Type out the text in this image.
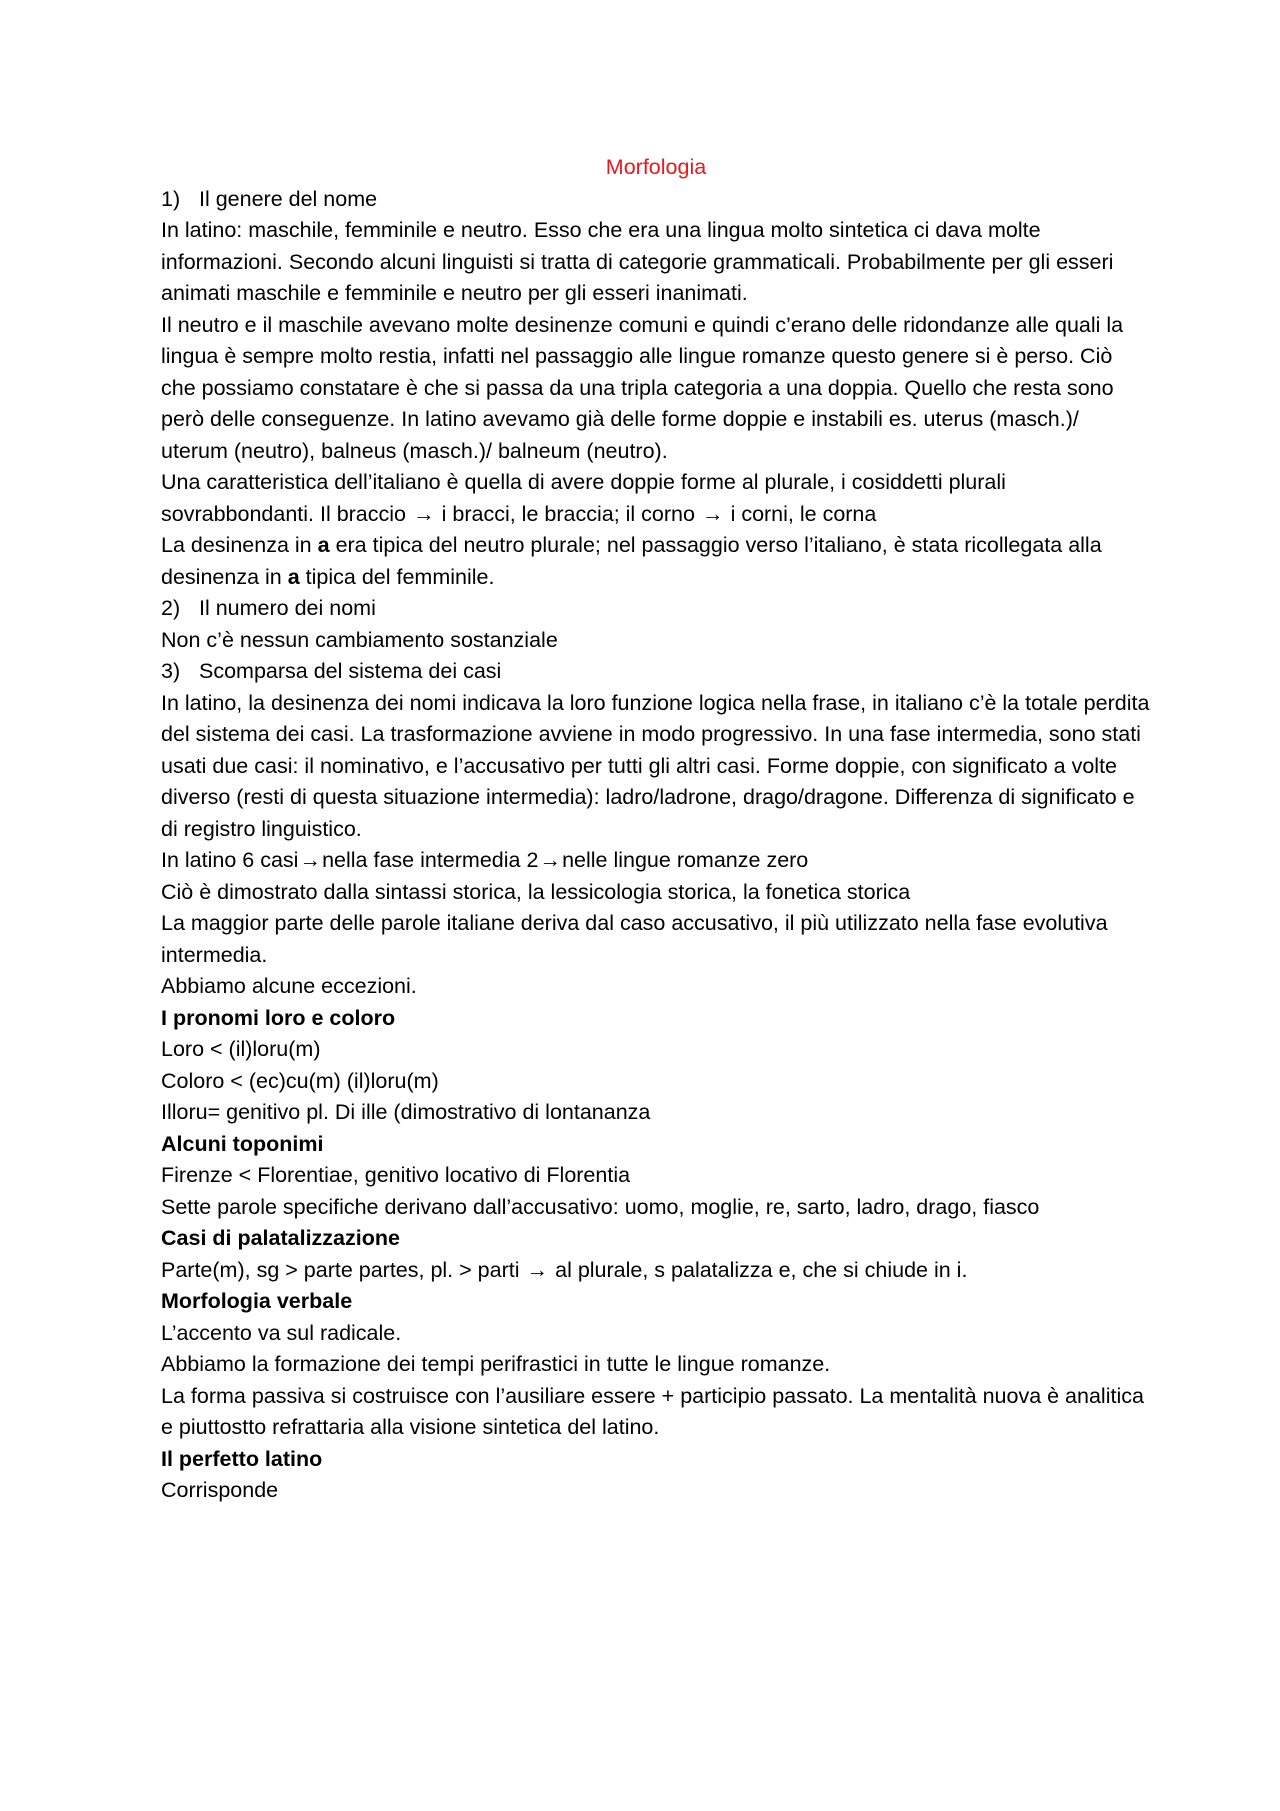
Morfologia

1) Il genere del nome

In latino: maschile, femminile e neutro. Esso che era una lingua molto sintetica ci dava molte informazioni. Secondo alcuni linguisti si tratta di categorie grammaticali. Probabilmente per gli esseri animati maschile e femminile e neutro per gli esseri inanimati.

Il neutro e il maschile avevano molte desinenze comuni e quindi c’erano delle ridondanze alle quali la lingua è sempre molto restia, infatti nel passaggio alle lingue romanze questo genere si è perso. Ciò che possiamo constatare è che si passa da una tripla categoria a una doppia. Quello che resta sono però delle conseguenze. In latino avevamo già delle forme doppie e instabili es. uterus (masch.)/ uterum (neutro), balneus (masch.)/ balneum (neutro).

Una caratteristica dell’italiano è quella di avere doppie forme al plurale, i cosiddetti plurali sovrabbondanti. Il braccio → i bracci, le braccia; il corno → i corni, le corna

La desinenza in a era tipica del neutro plurale; nel passaggio verso l’italiano, è stata ricollegata alla desinenza in a tipica del femminile.

2) Il numero dei nomi

Non c’è nessun cambiamento sostanziale

3) Scomparsa del sistema dei casi

In latino, la desinenza dei nomi indicava la loro funzione logica nella frase, in italiano c’è la totale perdita del sistema dei casi. La trasformazione avviene in modo progressivo. In una fase intermedia, sono stati usati due casi: il nominativo, e l’accusativo per tutti gli altri casi. Forme doppie, con significato a volte diverso (resti di questa situazione intermedia): ladro/ladrone, drago/dragone. Differenza di significato e di registro linguistico.

In latino 6 casi→nella fase intermedia 2→nelle lingue romanze zero

Ciò è dimostrato dalla sintassi storica, la lessicologia storica, la fonetica storica

La maggior parte delle parole italiane deriva dal caso accusativo, il più utilizzato nella fase evolutiva intermedia.

Abbiamo alcune eccezioni.

I pronomi loro e coloro

Loro < (il)loru(m)

Coloro < (ec)cu(m) (il)loru(m)

Illoru= genitivo pl. Di ille (dimostrativo di lontananza

Alcuni toponimi

Firenze < Florentiae, genitivo locativo di Florentia

Sette parole specifiche derivano dall’accusativo: uomo, moglie, re, sarto, ladro, drago, fiasco

Casi di palatalizzazione

Parte(m), sg > parte partes, pl. > parti → al plurale, s palatalizza e, che si chiude in i.

Morfologia verbale

L’accento va sul radicale.

Abbiamo la formazione dei tempi perifrastici in tutte le lingue romanze.

La forma passiva si costruisce con l’ausiliare essere + participio passato. La mentalità nuova è analitica e piuttostto refrattaria alla visione sintetica del latino.

Il perfetto latino

Corrisponde
